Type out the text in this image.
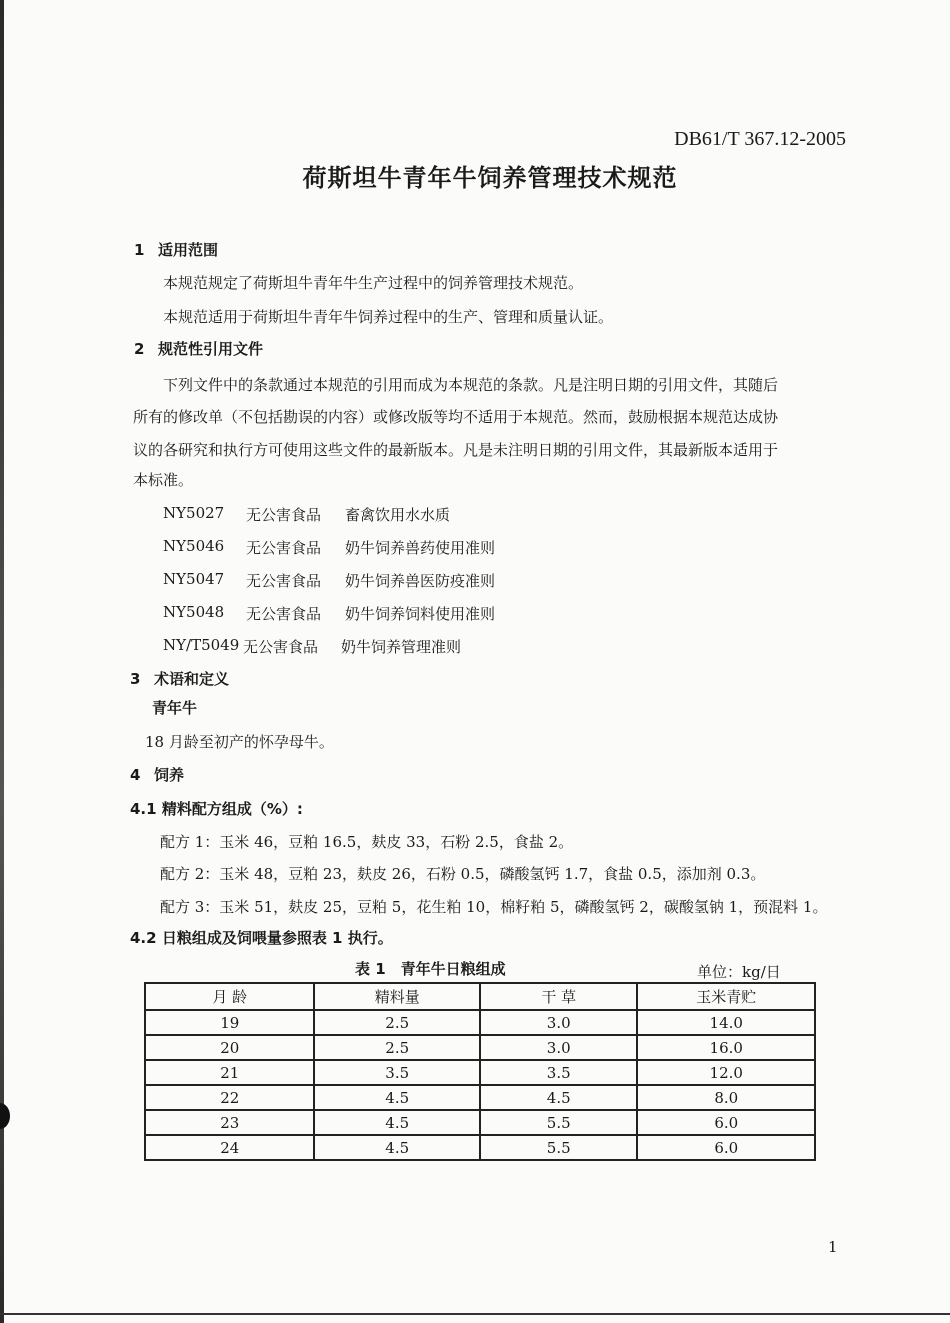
DB61/T 367.12-2005
荷斯坦牛青年牛饲养管理技术规范
1 适用范围
本规范规定了荷斯坦牛青年牛生产过程中的饲养管理技术规范。
本规范适用于荷斯坦牛青年牛饲养过程中的生产、管理和质量认证。
2 规范性引用文件
下列文件中的条款通过本规范的引用而成为本规范的条款。凡是注明日期的引用文件，其随后
所有的修改单（不包括勘误的内容）或修改版等均不适用于本规范。然而，鼓励根据本规范达成协
议的各研究和执行方可使用这些文件的最新版本。凡是未注明日期的引用文件，其最新版本适用于
本标准。
NY5027 无公害食品 畜禽饮用水水质
NY5046 无公害食品 奶牛饲养兽药使用准则
NY5047 无公害食品 奶牛饲养兽医防疫准则
NY5048 无公害食品 奶牛饲养饲料使用准则
NY/T5049 无公害食品 奶牛饲养管理准则
3 术语和定义
青年牛
18 月龄至初产的怀孕母牛。
4 饲养
4.1 精料配方组成（%）:
配方 1：玉米 46，豆粕 16.5，麸皮 33，石粉 2.5，食盐 2。
配方 2：玉米 48，豆粕 23，麸皮 26，石粉 0.5，磷酸氢钙 1.7，食盐 0.5，添加剂 0.3。
配方 3：玉米 51，麸皮 25，豆粕 5，花生粕 10，棉籽粕 5，磷酸氢钙 2，碳酸氢钠 1，预混料 1。
4.2 日粮组成及饲喂量参照表 1 执行。
表 1　青年牛日粮组成	单位：kg/日
月 龄	精料量	干 草	玉米青贮
19	2.5	3.0	14.0
20	2.5	3.0	16.0
21	3.5	3.5	12.0
22	4.5	4.5	8.0
23	4.5	5.5	6.0
24	4.5	5.5	6.0
1
